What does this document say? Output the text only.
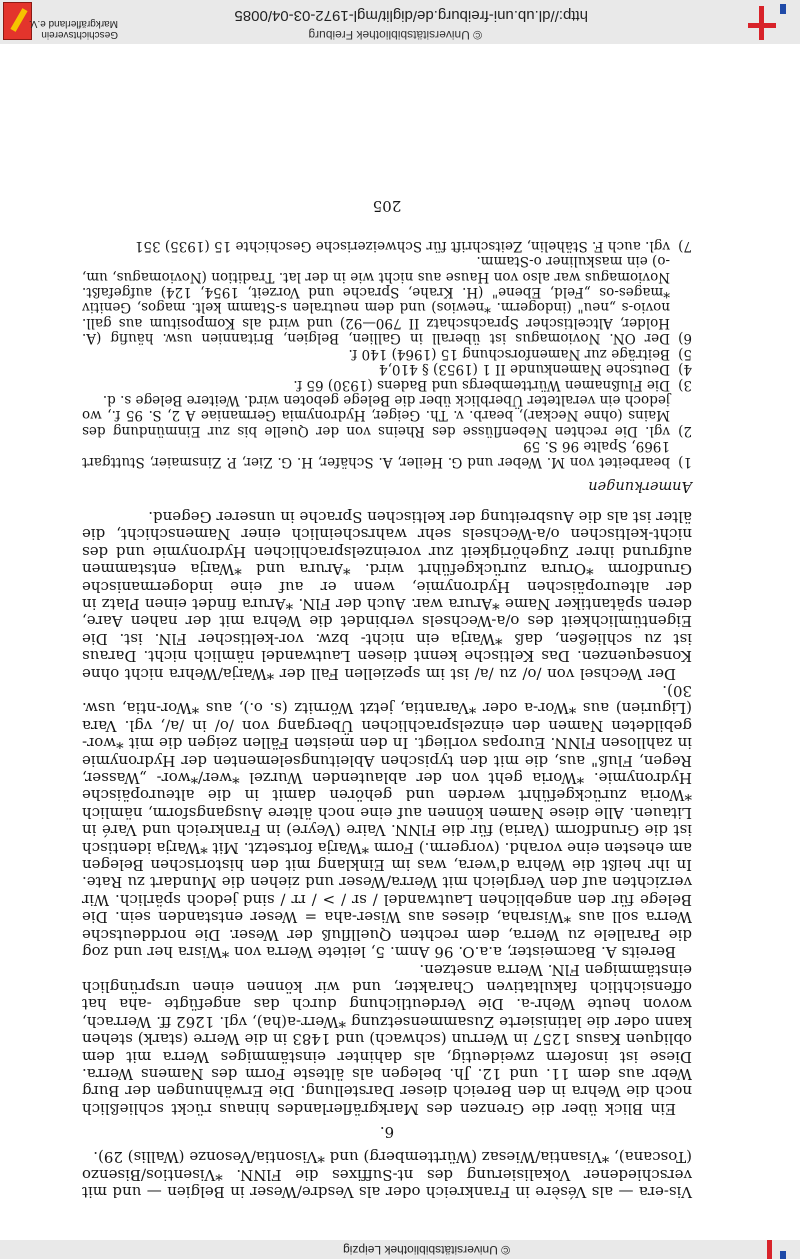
Geschichtsverein
Markgräflerland e.V.
© Universitätsbibliothek Freiburg
http://dl.ub.uni-freiburg.de/diglit/mgl-1972-03-04/0085

Vis-era — als Vésère in Frankreich oder als Vesdre/Weser in Belgien — und mit verschiedener Vokalisierung des nt-Suffixes die FlNN. *Visentios/Bisenzo (Toscana), *Visantia/Wiesaz (Württemberg) und *Visontia/Vesonze (Wallis) 29).

6.

Ein Blick über die Grenzen des Markgräflerlandes hinaus rückt schließlich noch die Wehra in den Bereich dieser Darstellung. Die Erwähnungen der Burg Webr aus dem 11. und 12. Jh. belegen als älteste Form des Namens Werra. Diese ist insofern zweideutig, als dahinter einstämmiges Werra mit dem obliquen Kasus 1257 in Werrun (schwach) und 1483 in die Werre (stark) stehen kann oder die latinisierte Zusammensetzung *Werr-a(ha), vgl. 1262 ff. Werrach, wovon heute Wehr-a. Die Verdeutlichung durch das angefügte -aha hat offensichtlich fakultativen Charakter, und wir können einen ursprünglich einstämmigen FlN. Werra ansetzen.

Bereits A. Bacmeister, a.a.O. 96 Anm. 5, leitete Werra von *Wisra her und zog die Parallele zu Werra, dem rechten Quellfluß der Weser. Die norddeutsche Werra soll aus *Wisraha, dieses aus Wiser-aha = Weser entstanden sein. Die Belege für den angeblichen Lautwandel / sr / > / rr / sind jedoch spärlich. Wir verzichten auf den Vergleich mit Werra/Weser und ziehen die Mundart zu Rate. In ihr heißt die Wehra d'wera, was im Einklang mit den historischen Belegen am ehesten eine vorahd. (vorgerm.) Form *Warja fortsetzt. Mit *Warja identisch ist die Grundform (Varia) für die FlNN. Vaire (Veyre) in Frankreich und Varé in Litauen. Alle diese Namen können auf eine noch ältere Ausgangsform, nämlich *Woria zurückgeführt werden und gehören damit in die alteuropäische Hydronymie. *Woria geht von der ablautenden Wurzel *wer/*wor- „Wasser, Regen, Fluß" aus, die mit den typischen Ableitungselementen der Hydronymie in zahllosen FlNN. Europas vorliegt. In den meisten Fällen zeigen die mit *wor- gebildeten Namen den einzelsprachlichen Übergang von /o/ in /a/, vgl. Vara (Ligurien) aus *Wor-a oder *Varantia, jetzt Wörnitz (s. o.), aus *Wor-ntia, usw. 30).

Der Wechsel von /o/ zu /a/ ist im speziellen Fall der *Warja/Wehra nicht ohne Konsequenzen. Das Keltische kennt diesen Lautwandel nämlich nicht. Daraus ist zu schließen, daß *Warja ein nicht- bzw. vor-keltischer FlN. ist. Die Eigentümlichkeit des o/a-Wechsels verbindet die Wehra mit der nahen Aare, deren spätantiker Name *Arura war. Auch der FlN. *Arura findet einen Platz in der alteuropäischen Hydronymie, wenn er auf eine indogermanische Grundform *Orura zurückgeführt wird. *Arura und *Warja entstammen aufgrund ihrer Zugehörigkeit zur voreinzelsprachlichen Hydronymie und des nicht-keltischen o/a-Wechsels sehr wahrscheinlich einer Namenschicht, die älter ist als die Ausbreitung der keltischen Sprache in unserer Gegend.

Anmerkungen
1)
bearbeitet von M. Weber und G. Heiler, A. Schäfer, H. G. Zier, P. Zinsmaier, Stuttgart 1969, Spalte 96 S. 59
2)
vgl. Die rechten Nebenflüsse des Rheins von der Quelle bis zur Einmündung des Mains (ohne Neckar), bearb. v. Th. Geiger, Hydronymia Germaniae A 2, S. 95 f., wo jedoch ein veralteter Überblick über die Belege geboten wird. Weitere Belege s. d.
3)
Die Flußnamen Württembergs und Badens (1930) 65 f.
4)
Deutsche Namenkunde II 1 (1953) § 410,4
5)
Beiträge zur Namenforschung 15 (1964) 140 f.
6)
Der ON. Noviomagus ist überall in Gallien, Belgien, Britannien usw. häufig (A. Holder, Altceltischer Sprachschatz II 790—92) und wird als Kompositum aus gall. novio-s „neu" (indogerm. *newios) und dem neutralen s-Stamm kelt. magos, Genitiv *mages-os „Feld, Ebene" (H. Krahe, Sprache und Vorzeit, 1954, 124) aufgefaßt. Noviomagus war also von Hause aus nicht wie in der lat. Tradition (Noviomagus, um, -o) ein maskuliner o-Stamm.
7)
vgl. auch F. Stähelin, Zeitschrift für Schweizerische Geschichte 15 (1935) 351
205
© Universitätsbibliothek Leipzig
